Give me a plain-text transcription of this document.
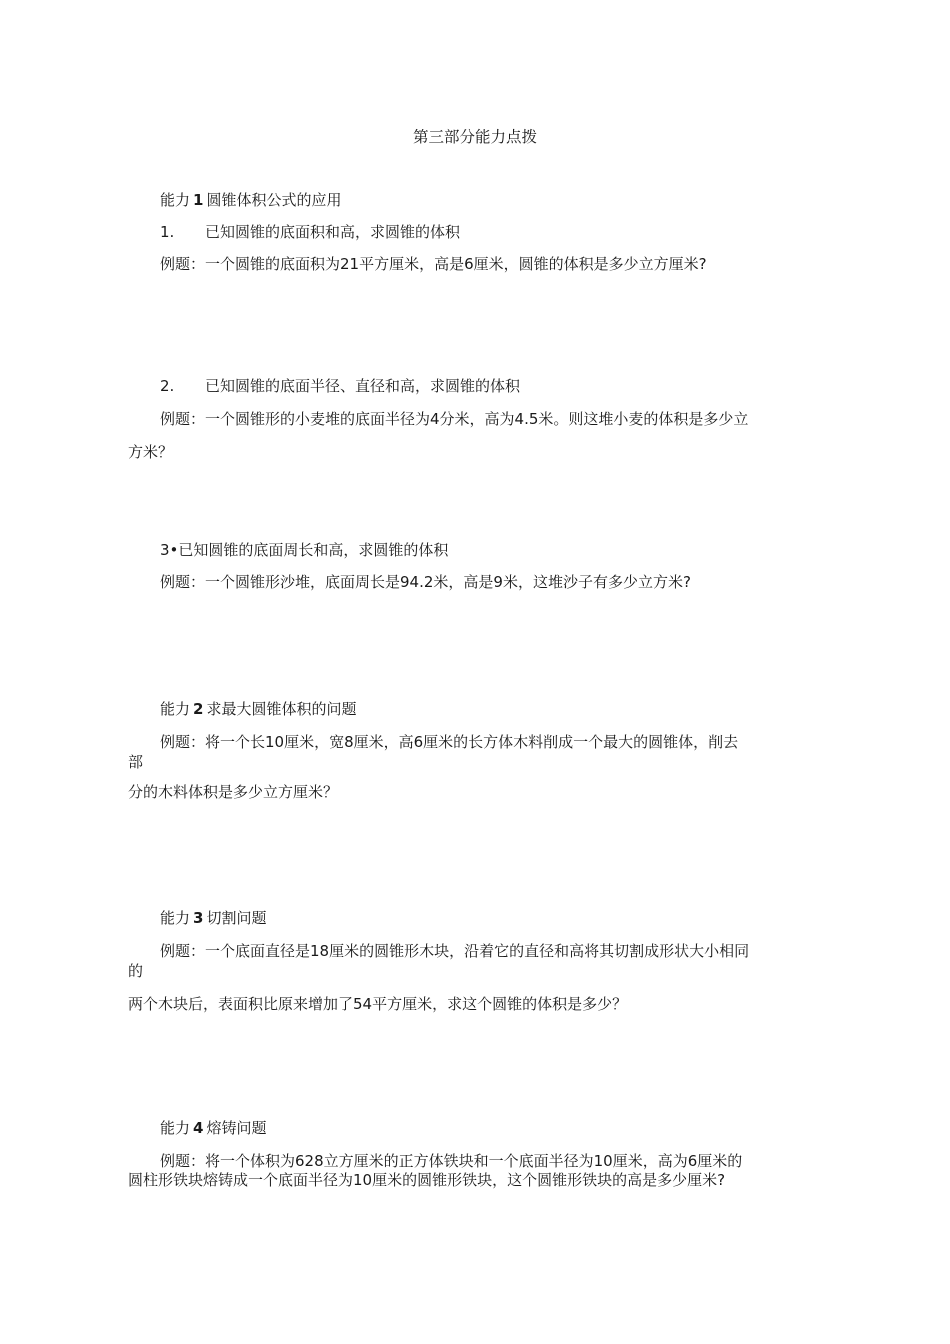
第三部分能力点拨
能力 1 圆锥体积公式的应用
1. 已知圆锥的底面积和高，求圆锥的体积
例题：一个圆锥的底面积为21平方厘米，高是6厘米，圆锥的体积是多少立方厘米?
2. 已知圆锥的底面半径、直径和高，求圆锥的体积
例题：一个圆锥形的小麦堆的底面半径为4分米，高为4.5米。则这堆小麦的体积是多少立
方米？
3•已知圆锥的底面周长和高，求圆锥的体积
例题：一个圆锥形沙堆，底面周长是94.2米，高是9米，这堆沙子有多少立方米?
能力 2 求最大圆锥体积的问题
例题：将一个长10厘米，宽8厘米，高6厘米的长方体木料削成一个最大的圆锥体，削去
部
分的木料体积是多少立方厘米？
能力 3 切割问题
例题：一个底面直径是18厘米的圆锥形木块，沿着它的直径和高将其切割成形状大小相同
的
两个木块后，表面积比原来增加了54平方厘米，求这个圆锥的体积是多少？
能力 4 熔铸问题
例题：将一个体积为628立方厘米的正方体铁块和一个底面半径为10厘米，高为6厘米的
圆柱形铁块熔铸成一个底面半径为10厘米的圆锥形铁块，这个圆锥形铁块的高是多少厘米?
